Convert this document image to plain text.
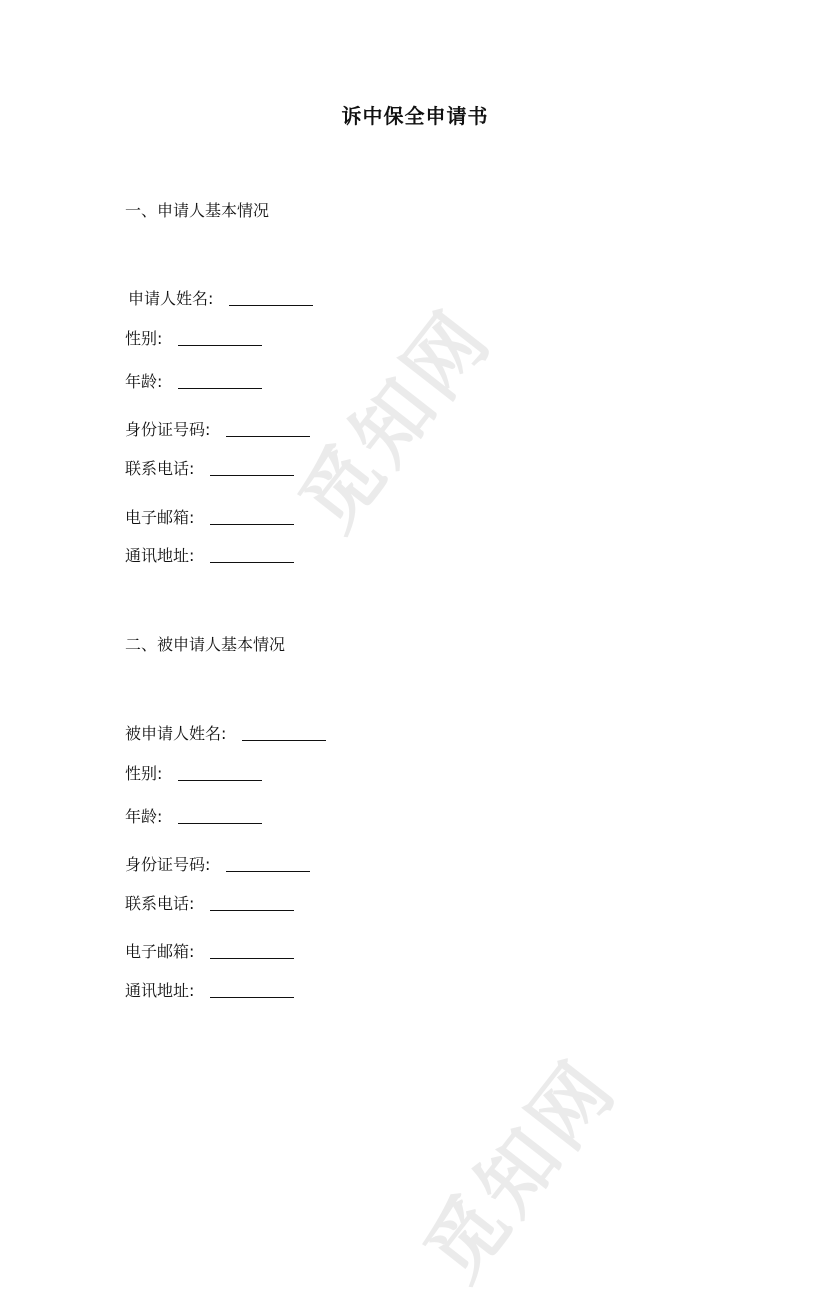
觅知网
觅知网
诉中保全申请书
一、申请人基本情况
申请人姓名:
性别:
年龄:
身份证号码:
联系电话:
电子邮箱:
通讯地址:
二、被申请人基本情况
被申请人姓名:
性别:
年龄:
身份证号码:
联系电话:
电子邮箱:
通讯地址:
